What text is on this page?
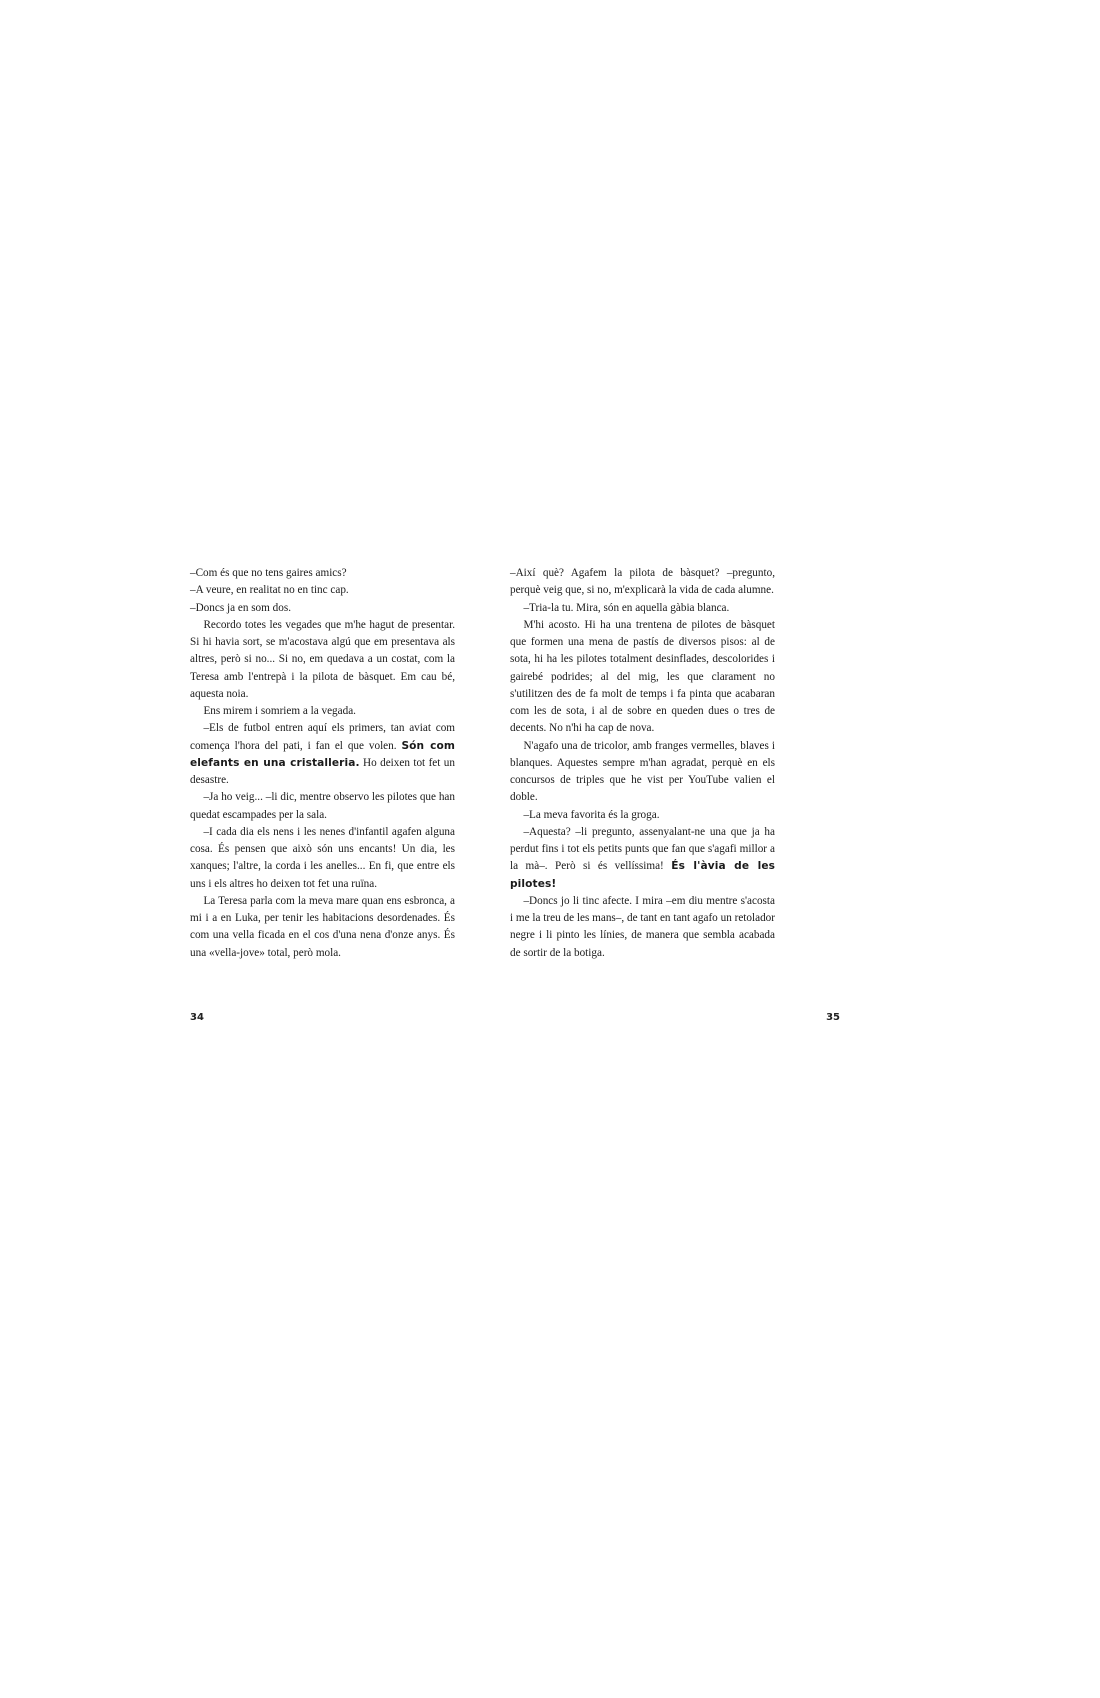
–Com és que no tens gaires amics?

–A veure, en realitat no en tinc cap.

–Doncs ja en som dos.

Recordo totes les vegades que m'he hagut de presentar. Si hi havia sort, se m'acostava algú que em presentava als altres, però si no... Si no, em quedava a un costat, com la Teresa amb l'entrepà i la pilota de bàsquet. Em cau bé, aquesta noia.

Ens mirem i somriem a la vegada.

–Els de futbol entren aquí els primers, tan aviat com comença l'hora del pati, i fan el que volen. Són com elefants en una cristalleria. Ho deixen tot fet un desastre.

–Ja ho veig... –li dic, mentre observo les pilotes que han quedat escampades per la sala.

–I cada dia els nens i les nenes d'infantil agafen alguna cosa. És pensen que això són uns encants! Un dia, les xanques; l'altre, la corda i les anelles... En fi, que entre els uns i els altres ho deixen tot fet una ruïna.

La Teresa parla com la meva mare quan ens esbronca, a mi i a en Luka, per tenir les habitacions desordenades. És com una vella ficada en el cos d'una nena d'onze anys. És una «vella-jove» total, però mola.

–Així què? Agafem la pilota de bàsquet? –pregunto, perquè veig que, si no, m'explicarà la vida de cada alumne.

–Tria-la tu. Mira, són en aquella gàbia blanca.

M'hi acosto. Hi ha una trentena de pilotes de bàsquet que formen una mena de pastís de diversos pisos: al de sota, hi ha les pilotes totalment desinflades, descolorides i gairebé podrides; al del mig, les que clarament no s'utilitzen des de fa molt de temps i fa pinta que acabaran com les de sota, i al de sobre en queden dues o tres de decents. No n'hi ha cap de nova.

N'agafo una de tricolor, amb franges vermelles, blaves i blanques. Aquestes sempre m'han agradat, perquè en els concursos de triples que he vist per YouTube valien el doble.

–La meva favorita és la groga.

–Aquesta? –li pregunto, assenyalant-ne una que ja ha perdut fins i tot els petits punts que fan que s'agafi millor a la mà–. Però si és vellíssima! És l'àvia de les pilotes!

–Doncs jo li tinc afecte. I mira –em diu mentre s'acosta i me la treu de les mans–, de tant en tant agafo un retolador negre i li pinto les línies, de manera que sembla acabada de sortir de la botiga.

34	35
